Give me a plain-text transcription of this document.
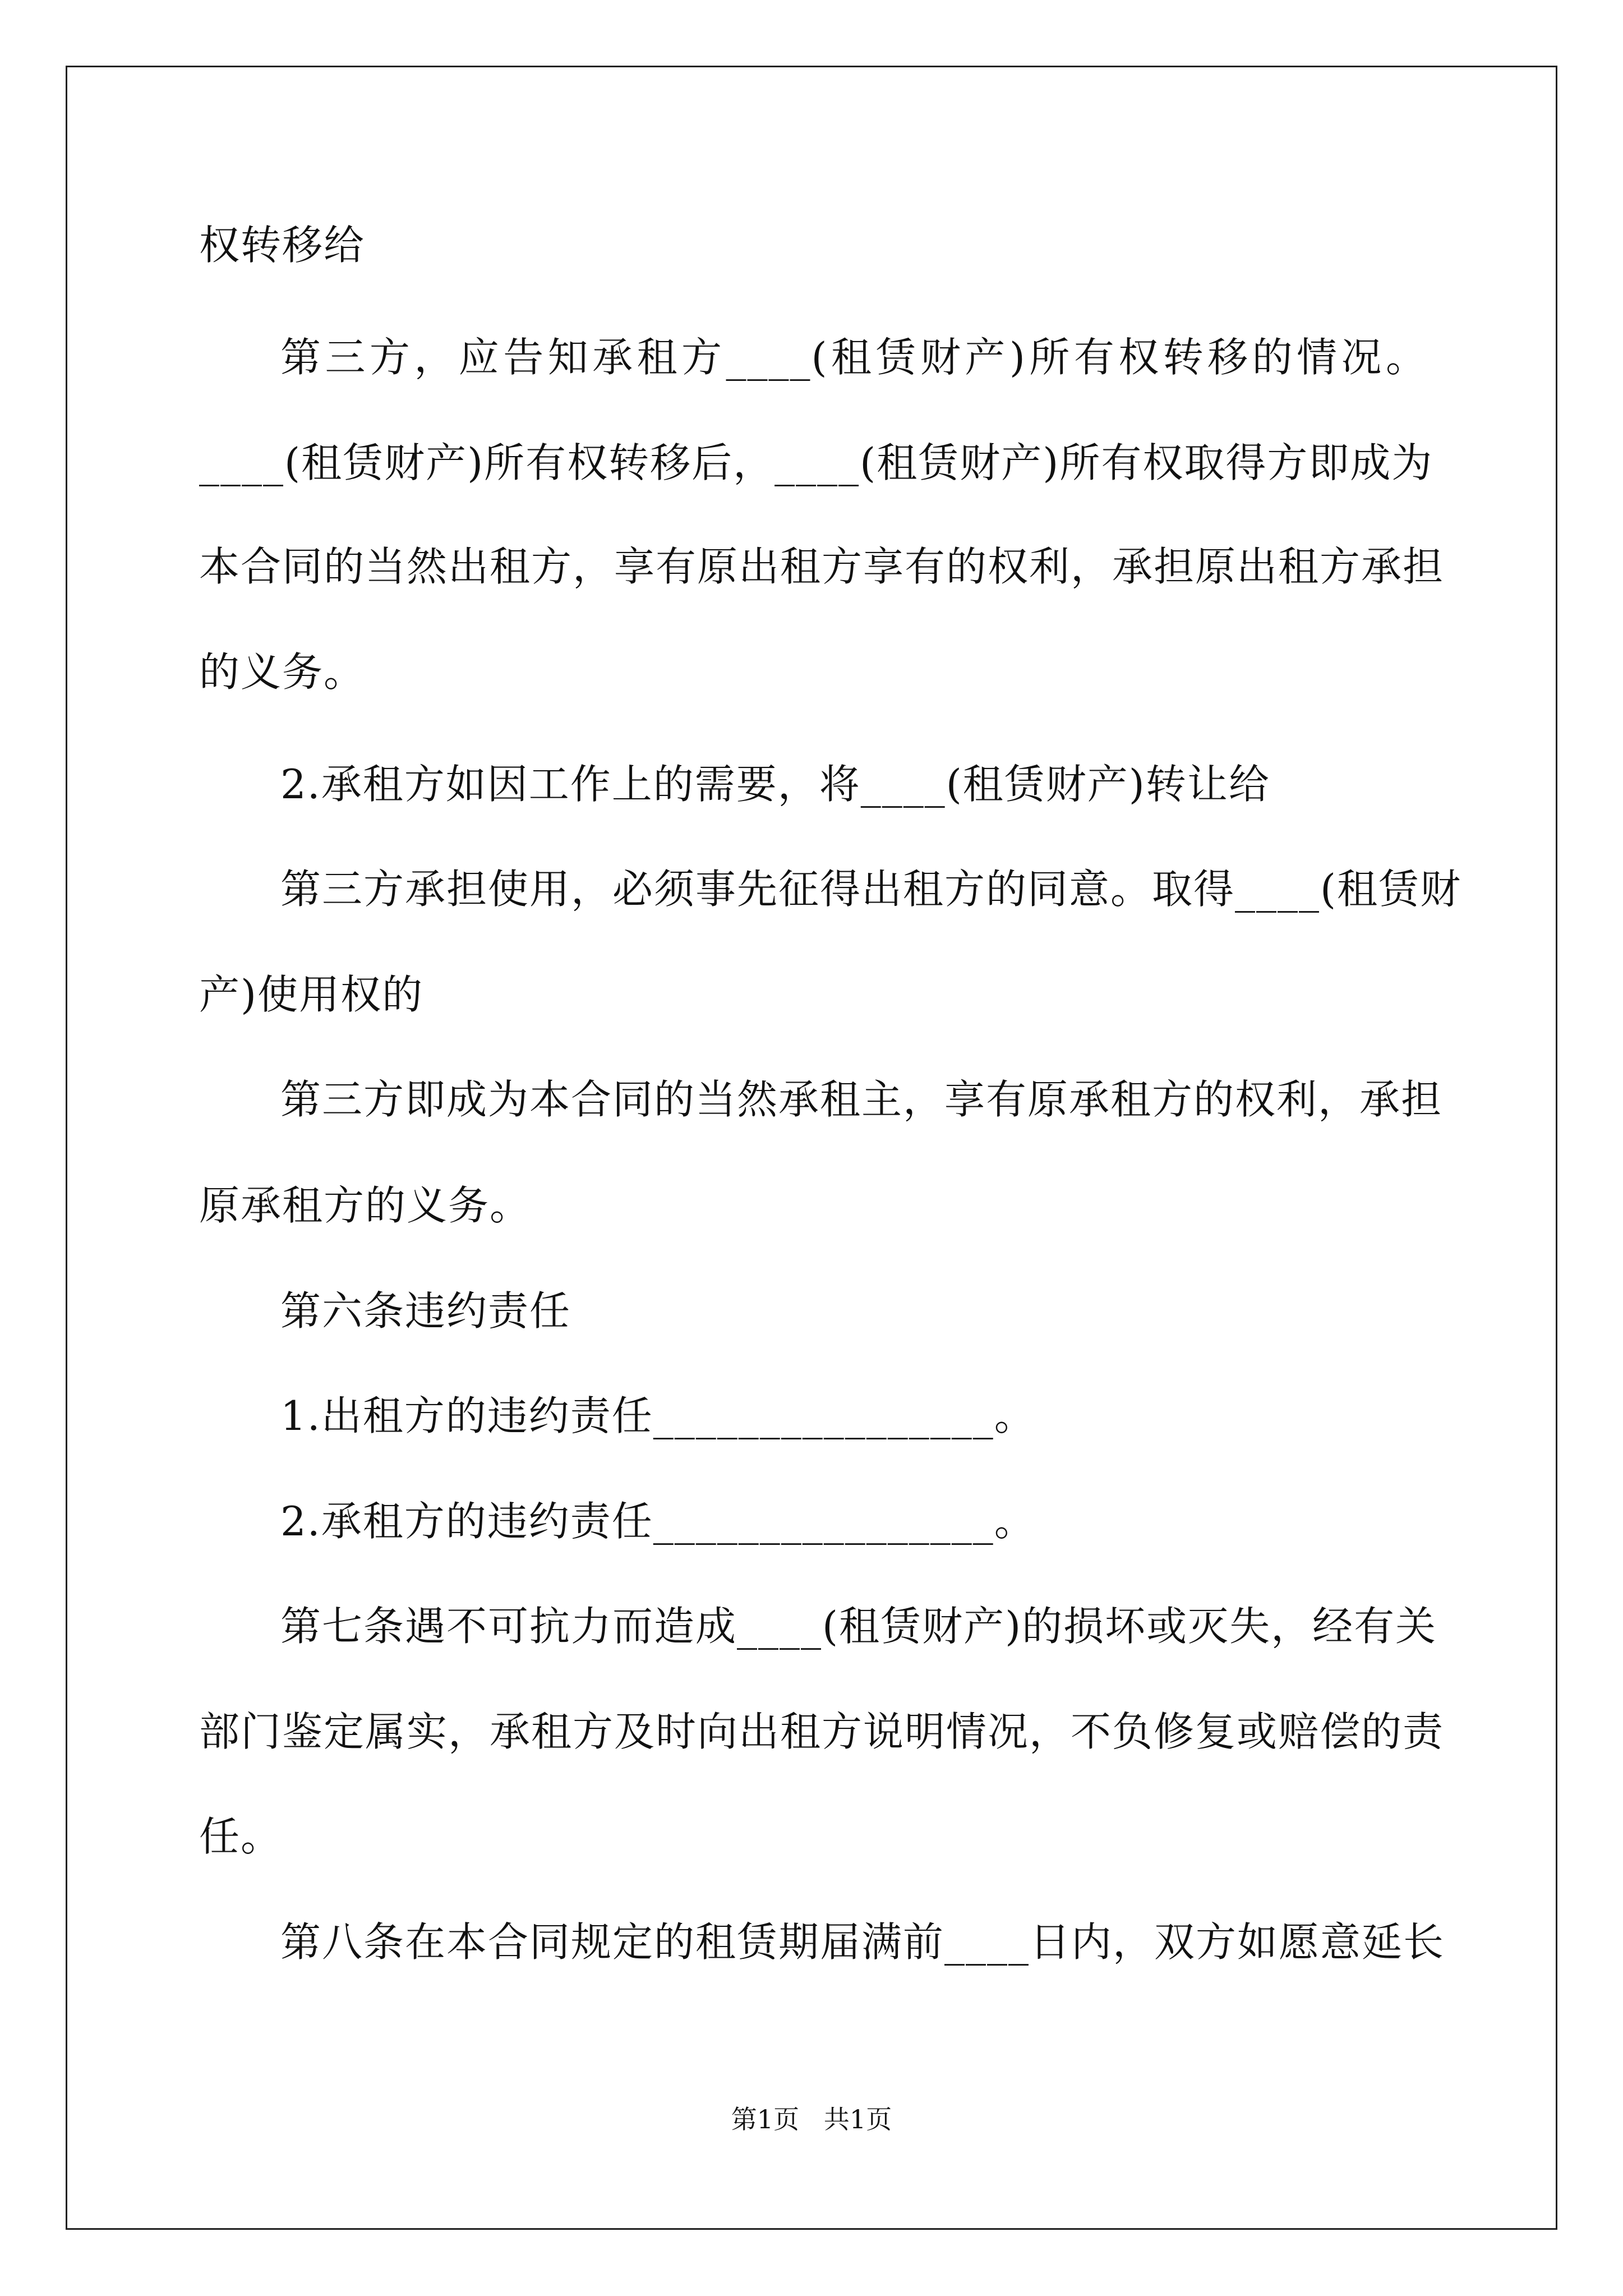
权转移给
第三方，应告知承租方____(租赁财产)所有权转移的情况。
____(租赁财产)所有权转移后，____(租赁财产)所有权取得方即成为
本合同的当然出租方，享有原出租方享有的权利，承担原出租方承担
的义务。
2.承租方如因工作上的需要，将____(租赁财产)转让给
第三方承担使用，必须事先征得出租方的同意。取得____(租赁财
产)使用权的
第三方即成为本合同的当然承租主，享有原承租方的权利，承担
原承租方的义务。
第六条违约责任
1.出租方的违约责任________________。
2.承租方的违约责任________________。
第七条遇不可抗力而造成____(租赁财产)的损坏或灭失，经有关
部门鉴定属实，承租方及时向出租方说明情况，不负修复或赔偿的责
任。
第八条在本合同规定的租赁期届满前____日内，双方如愿意延长
第1页   共1页
